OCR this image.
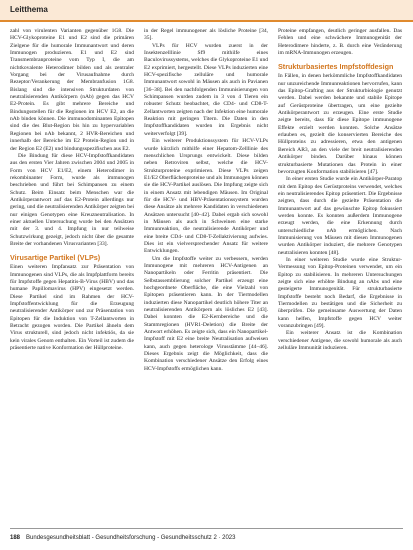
Leitthema

zahl von virulenten Varianten gegenüber 1G8. Die HCV-Glykoproteine E1 und E2 sind die primären Zielgene für die humorale Immunantwort und deren Immunogen produzieren. E1 und E2 sind Transmembranproteine vom Typ I, die am nichtkovalente Heterodimer bilden und als zentraler Vorgang bei der Virusaufnahme durch Rezeptor/Verankerung der Membranfusion 1G8. Bislang sind die intensiven Strukturdaten von neutralisierenden Antikörpern (nAb) gegen das HCV E2-Protein. Es gibt mehrere Bereiche und Bindungsstellen für die Regionen im HCV E2, an die nAb binden können. Die immunodominanten Epitopen sind die des Blut-Region bis hin zu hypervariablen Regionen bei nAb bekannt, 2 HVR-Bereichen und innerhalb der Bereiche im E2 Protein-Region und in der Region E2 (E2) und bindungsspezifischen aus E2.

Die Bindung für diese HCV-Impfstoffkandidaten aus den ersten Vier Jahren zwischen 2004 und 2005 in Form von HCV E1/E2, einem Heterodimer in rekombinanter Form, wurde als immunogen beschrieben und führt bei Schimpansen zu einem Schutz. Beim Einsatz beim Menschen war die Antikörperantwort auf das E2-Protein allerdings nur gering, und die neutralisierenden Antikörper zeigten bei nur einigen Genotypen eine Kreuzneutralisation. In einer aktuellen Untersuchung wurde bei den Ansätzen mit der 3. und 4. Impfung in nur teilweise Schutzwirkung gezeigt, jedoch nicht über die gesamte Breite der vorhandenen Virusvarianten [33].

Virusartige Partikel (VLPs)

Einen weiteren Impfansatz zur Präsentation von Immunogenen sind VLPs, die als Impfplattform bereits für Impfstoffe gegen Hepatitis-B-Virus (HBV) und das humane Papillomavirus (HPV) eingesetzt werden. Diese Partikel sind im Rahmen der HCV-Impfstoffentwicklung für die Erzeugung neutralisierender Antikörper und zur Präsentation von Epitopen für die Induktion von T-Zellantworten in Betracht gezogen worden. Die Partikel ähneln dem Virus strukturell, sind jedoch nicht infektiös, da sie kein virales Genom enthalten. Ein Vorteil ist zudem die präsentierte native Konformation der Hüllproteine.

in der Regel immunogener als lösliche Proteine [34, 35].

VLPs für HCV wurden zuerst in der Insektenzelllinie Sf9 mithilfe eines Baculovirussystems, welches die Glykoproteine E1 und E2 exprimiert, hergestellt. Diese VLPs induzierten eine HCV-spezifische zelluläre und humorale Immunantwort sowohl in Mäusen als auch in Pavianen [36–38]. Bei den nachfolgenden Immunisierungen von Schimpansen wurden zudem in 3 von 4 Tieren ein robuster Schutz beobachtet, die CD4- und CD8-T-Zellantworten zeigten nach der Infektion eine humorale Reaktion mit geringen Titern. Die Daten in den Impfstoffkandidaten wurden im Ergebnis nicht weiterverfolgt [39].

Ein weiterer Produktionssystem für HCV-VLPs wurde kürzlich mithilfe einer Hepatom-Zelllinie des menschlichen Ursprungs entwickelt. Diese bilden neben Retroviren selbst, welche die HCV-Strukturproteine exprimieren. Diese VLPs zeigen E1/E2 Oberflächenproteine und als Immunogen können sie die HCV-Partikel auslösen. Die Impfung zeigte sich in einem Ansatz mit lebendigen Mäusen. Im Original für die HCV- und HBV-Präsentationssystem wurden diese Ansätze als mehrere Kandidaten in verschiedenen Ansätzen untersucht [40–42]. Dabei ergab sich sowohl in Mäusen als auch in Schweinen eine starke Immunreaktion, die neutralisierende Antikörper und eine breite CD4- und CD8-T-Zellaktivierung aufwies. Dies ist ein vielversprechender Ansatz für weitere Entwicklungen.

Um die Impfstoffe weiter zu verbessern, werden Immunogene mit mehreren HCV-Antigenen an Nanopartikeln oder Ferritin präsentiert. Die Selbstassemblierung solcher Partikel erzeugt eine hochgeordnete Oberfläche, die eine Vielzahl von Epitopen präsentieren kann. In der Tiermodellen induzierten diese Nanopartikel deutlich höhere Titer an neutralisierenden Antikörpern als lösliches E2 [43]. Dabei konnten die E2-Kernbereiche und die Stammregionen (HVR1-Deletion) die Breite der Antwort erhöhen. Es zeigte sich, dass ein Nanopartikel-Impfstoff mit E2 eine breite Neutralisation aufweisen kann, auch gegen heterologe Virusstämme [44–46]. Dieses Ergebnis zeigt die Möglichkeit, dass die Kombination verschiedener Ansätze den Erfolg eines HCV-Impfstoffs ermöglichen kann.

Proteine empfangen, deutlich geringer ausfallen. Das Fehlen und eine schwächere Immunogenität der Heterodimere hinderte, z. B. durch eine Veränderung im mRNA-Immunogen erzeugen.

Strukturbasiertes Impfstoffdesign

In Fällen, in denen herkömmliche Impfstoffkandidaten nur unzureichende Immunreaktionen hervorrufen, kann das Epitop-Grafting aus der Strukturbiologie genutzt werden. Dabei werden bekannte und stabile Epitope auf Gerüstproteine übertragen, um eine gezielte Antikörperantwort zu erzeugen. Eine erste Studie zeigte bereits, dass für diese Epitope immunogene Effekte erzielt werden konnten. Solche Ansätze erlauben es, gezielt die konservierten Bereiche des Hüllproteins zu adressieren, etwa den antigenen Bereich AR3, an den viele der breit neutralisierenden Antikörper binden. Darüber hinaus können strukturbasierte Mutationen das Protein in einer bevorzugten Konformation stabilisieren [47].

In einer ersten Studie wurde ein Antikörper-Paratop mit dem Epitop des Gerüstproteins verwendet, welches ein neutralisierendes Epitop präsentiert. Die Ergebnisse zeigten, dass durch die gezielte Präsentation die Immunantwort auf das gewünschte Epitop fokussiert werden konnte. Es konnten außerdem Immunogene erzeugt werden, die eine Erkennung durch unterschiedliche nAb ermöglichen. Nach Immunisierung von Mäusen mit diesen Immunogenen wurden Antikörper induziert, die mehrere Genotypen neutralisieren konnten [48].

In einer weiteren Studie wurde eine Struktur-Vermessung von Epitop-Proteinen verwendet, um ein Epitop zu stabilisieren. In mehreren Untersuchungen zeigte sich eine erhöhte Bindung an nAbs und eine gesteigerte Immunogenität. Für strukturbasierte Impfstoffe besteht noch Bedarf, die Ergebnisse in Tiermodellen zu bestätigen und die Sicherheit zu überprüfen. Die gemeinsame Auswertung der Daten kann helfen, Impfstoffe gegen HCV weiter voranzubringen [49].

Ein weiterer Ansatz ist die Kombination verschiedener Antigene, die sowohl humorale als auch zelluläre Immunität induzieren.

188 Bundesgesundheitsblatt - Gesundheitsforschung - Gesundheitsschutz 2 · 2023
